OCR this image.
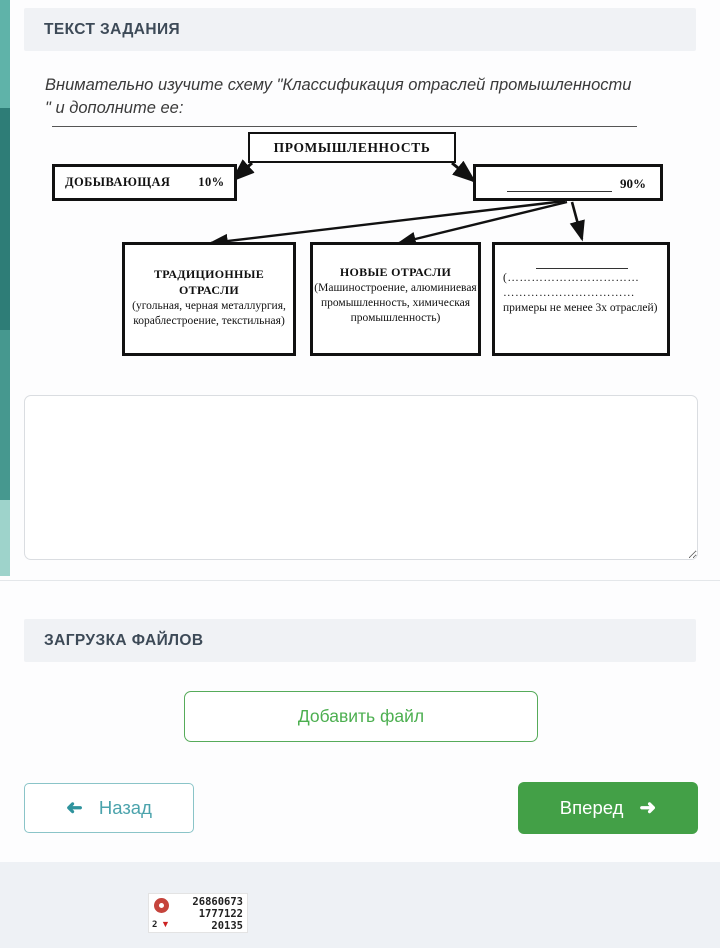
ТЕКСТ ЗАДАНИЯ
Внимательно изучите схему "Классификация отраслей промышленности
" и дополните ее:
ПРОМЫШЛЕННОСТЬ
ДОБЫВАЮЩАЯ 10%	90%
ТРАДИЦИОННЫЕ ОТРАСЛИ
(угольная, черная металлургия, кораблестроение, текстильная)
НОВЫЕ ОТРАСЛИ
(Машиностроение, алюминиевая промышленность, химическая промышленность)
(……………………………
……………………………
примеры не менее 3х отраслей)
ЗАГРУЗКА ФАЙЛОВ
Добавить файл
➜ Назад	Вперед ➜
2 ▼
26860673
1777122
20135
